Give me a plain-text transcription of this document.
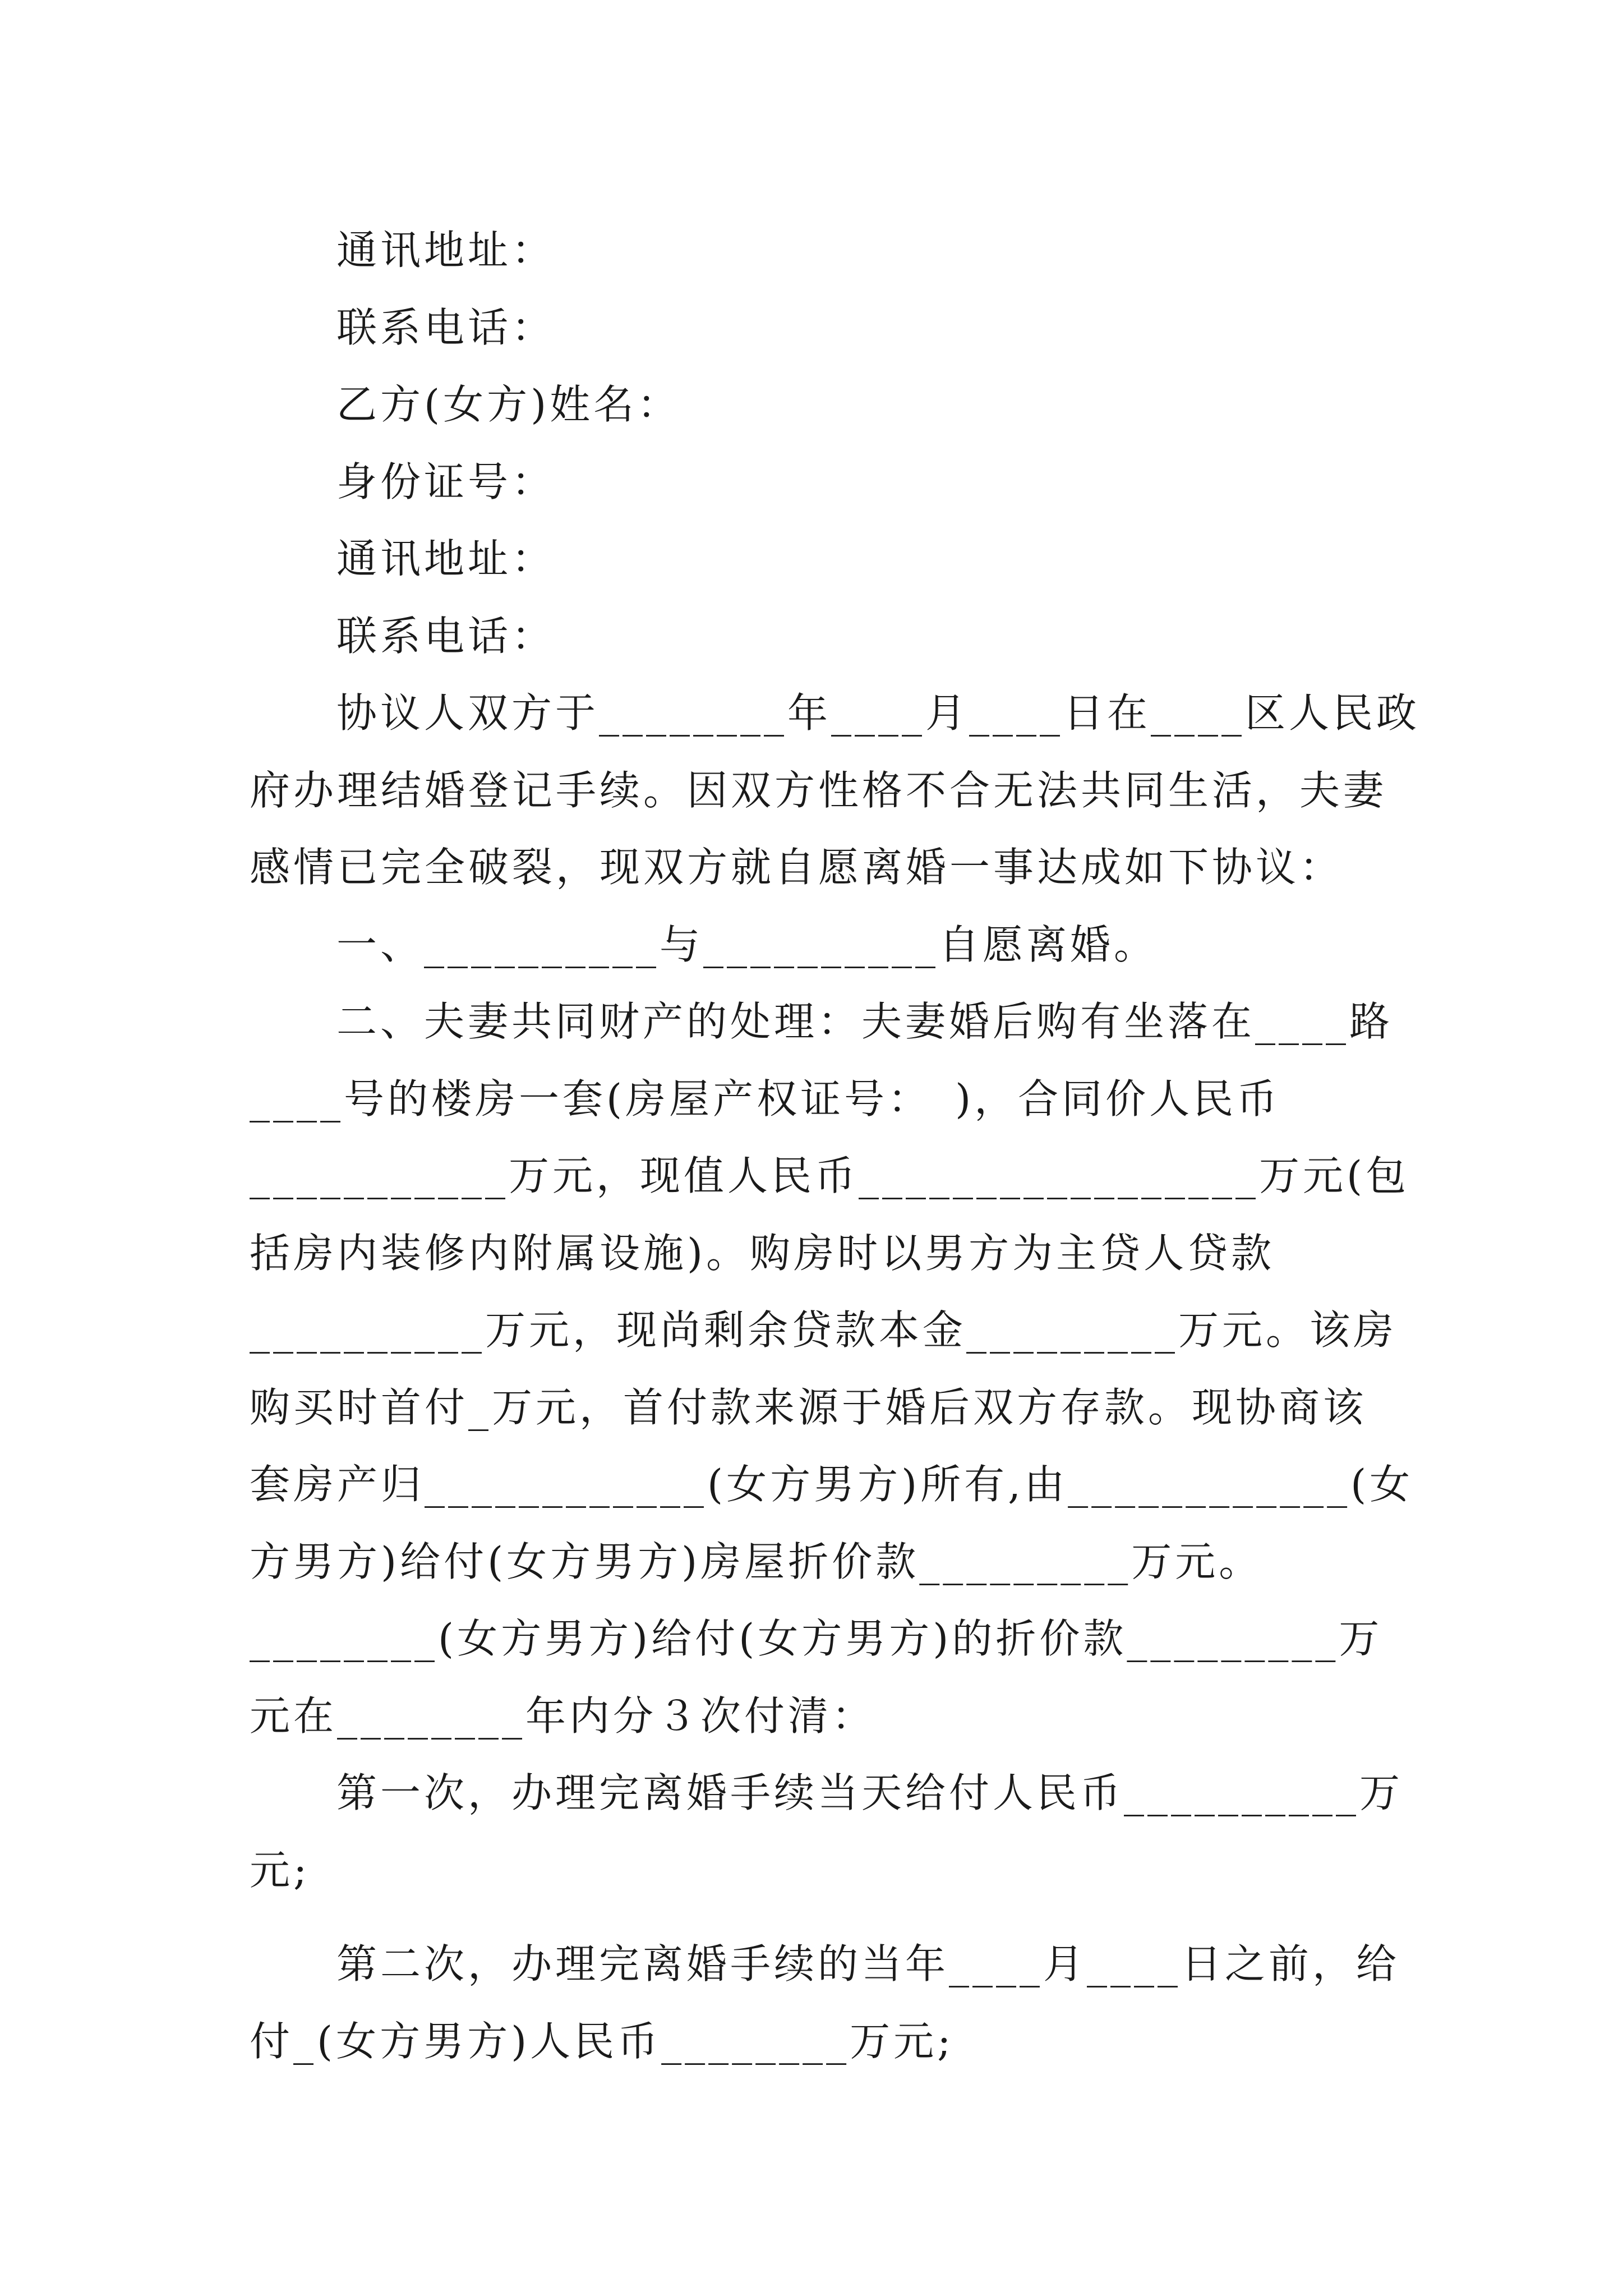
通讯地址：
联系电话：
乙方(女方)姓名：
身份证号：
通讯地址：
联系电话：
协议人双方于________年____月____日在____区人民政
府办理结婚登记手续。因双方性格不合无法共同生活，夫妻
感情已完全破裂，现双方就自愿离婚一事达成如下协议：
一、__________与__________自愿离婚。
二、夫妻共同财产的处理：夫妻婚后购有坐落在____路
____号的楼房一套(房屋产权证号：　)，合同价人民币
___________万元，现值人民币_________________万元(包
括房内装修内附属设施)。购房时以男方为主贷人贷款
__________万元，现尚剩余贷款本金_________万元。该房
购买时首付_万元，首付款来源于婚后双方存款。现协商该
套房产归____________(女方男方)所有,由____________(女
方男方)给付(女方男方)房屋折价款_________万元。
________(女方男方)给付(女方男方)的折价款_________万
元在________年内分３次付清：
第一次，办理完离婚手续当天给付人民币__________万
元;
第二次，办理完离婚手续的当年____月____日之前，给
付_(女方男方)人民币________万元;
